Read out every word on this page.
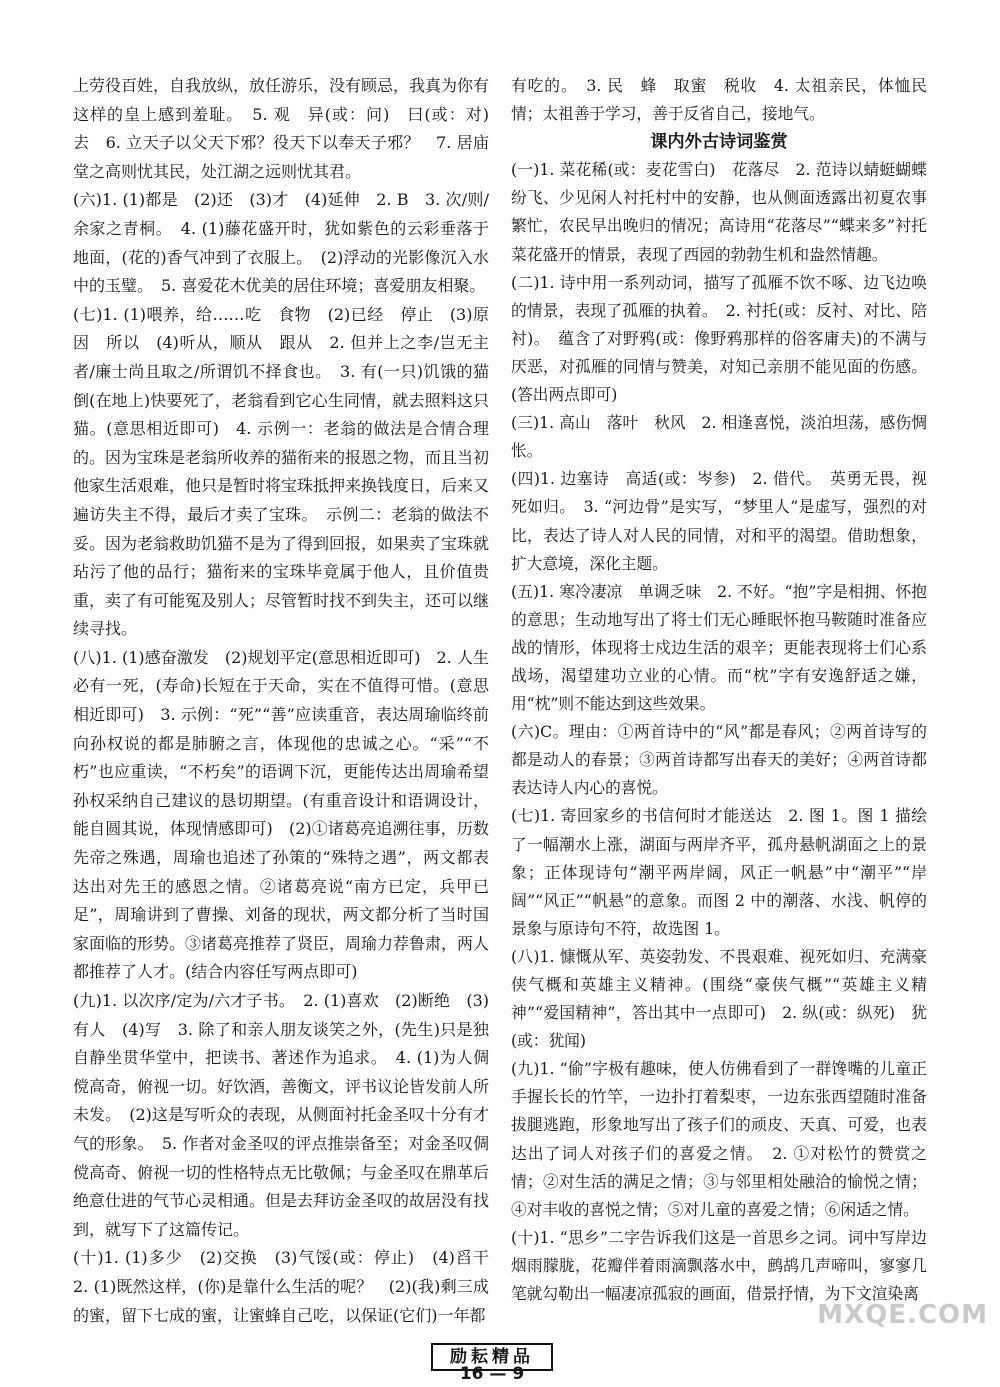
上劳役百姓，自我放纵，放任游乐，没有顾忌，我真为你有这样的皇上感到羞耻。　5. 观　异(或：问)　曰(或：对)　去　6. 立天子以父天下邪？役天下以奉天子邪？　7. 居庙堂之高则忧其民，处江湖之远则忧其君。

(六)1. (1)都是　(2)还　(3)才　(4)延伸　2. B　3. 次/则/余家之青桐。　4. (1)藤花盛开时，犹如紫色的云彩垂落于地面，(花的)香气冲到了衣服上。　(2)浮动的光影像沉入水中的玉璧。　5. 喜爱花木优美的居住环境；喜爱朋友相聚。

(七)1. (1)喂养，给……吃　食物　(2)已经　停止　(3)原因　所以　(4)听从，顺从　跟从　2. 但并上之李/岂无主者/廉士尚且取之/所谓饥不择食也。　3. 有(一只)饥饿的猫倒(在地上)快要死了，老翁看到它心生同情，就去照料这只猫。(意思相近即可)　4. 示例一：老翁的做法是合情合理的。因为宝珠是老翁所收养的猫衔来的报恩之物，而且当初他家生活艰难，他只是暂时将宝珠抵押来换钱度日，后来又遍访失主不得，最后才卖了宝珠。　示例二：老翁的做法不妥。因为老翁救助饥猫不是为了得到回报，如果卖了宝珠就玷污了他的品行；猫衔来的宝珠毕竟属于他人，且价值贵重，卖了有可能冤及别人；尽管暂时找不到失主，还可以继续寻找。

(八)1. (1)感奋激发　(2)规划平定(意思相近即可)　2. 人生必有一死，(寿命)长短在于天命，实在不值得可惜。(意思相近即可)　3. 示例：“死”“善”应读重音，表达周瑜临终前向孙权说的都是肺腑之言，体现他的忠诚之心。“采”“不朽”也应重读，“不朽矣”的语调下沉，更能传达出周瑜希望孙权采纳自己建议的恳切期望。(有重音设计和语调设计，能自圆其说，体现情感即可)　(2)①诸葛亮追溯往事，历数先帝之殊遇，周瑜也追述了孙策的“殊特之遇”，两文都表达出对先王的感恩之情。②诸葛亮说“南方已定，兵甲已足”，周瑜讲到了曹操、刘备的现状，两文都分析了当时国家面临的形势。③诸葛亮推荐了贤臣，周瑜力荐鲁肃，两人都推荐了人才。(结合内容任写两点即可)

(九)1. 以次序/定为/六才子书。　2. (1)喜欢　(2)断绝　(3)有人　(4)写　3. 除了和亲人朋友谈笑之外，(先生)只是独自静坐贯华堂中，把读书、著述作为追求。　4. (1)为人倜傥高奇，俯视一切。好饮酒，善衡文，评书议论皆发前人所未发。　(2)这是写听众的表现，从侧面衬托金圣叹十分有才气的形象。　5. 作者对金圣叹的评点推崇备至；对金圣叹倜傥高奇、俯视一切的性格特点无比敬佩；与金圣叹在鼎革后绝意仕进的气节心灵相通。但是去拜访金圣叹的故居没有找到，就写下了这篇传记。

(十)1. (1)多少　(2)交换　(3)气馁(或：停止)　(4)舀干　2. (1)既然这样，(你)是靠什么生活的呢？　(2)(我)剩三成的蜜，留下七成的蜜，让蜜蜂自己吃，以保证(它们)一年都

有吃的。　3. 民　蜂　取蜜　税收　4. 太祖亲民，体恤民情；太祖善于学习，善于反省自己，接地气。

课内外古诗词鉴赏

(一)1. 菜花稀(或：麦花雪白)　花落尽　2. 范诗以蜻蜓蝴蝶纷飞、少见闲人衬托村中的安静，也从侧面透露出初夏农事繁忙，农民早出晚归的情况；高诗用“花落尽”“蝶来多”衬托菜花盛开的情景，表现了西园的勃勃生机和盎然情趣。

(二)1. 诗中用一系列动词，描写了孤雁不饮不啄、边飞边唤的情景，表现了孤雁的执着。　2. 衬托(或：反衬、对比、陪衬)。　蕴含了对野鸦(或：像野鸦那样的俗客庸夫)的不满与厌恶，对孤雁的同情与赞美，对知己亲朋不能见面的伤感。(答出两点即可)

(三)1. 高山　落叶　秋风　2. 相逢喜悦，淡泊坦荡，感伤惆怅。

(四)1. 边塞诗　高适(或：岑参)　2. 借代。　英勇无畏，视死如归。　3. “河边骨”是实写，“梦里人”是虚写，强烈的对比，表达了诗人对人民的同情，对和平的渴望。借助想象，扩大意境，深化主题。

(五)1. 寒冷凄凉　单调乏味　2. 不好。“抱”字是相拥、怀抱的意思；生动地写出了将士们无心睡眠怀抱马鞍随时准备应战的情形，体现将士戍边生活的艰辛；更能表现将士们心系战场，渴望建功立业的心情。而“枕”字有安逸舒适之嫌，用“枕”则不能达到这些效果。

(六)C。理由：①两首诗中的“风”都是春风；②两首诗写的都是动人的春景；③两首诗都写出春天的美好；④两首诗都表达诗人内心的喜悦。

(七)1. 寄回家乡的书信何时才能送达　2. 图 1。图 1 描绘了一幅潮水上涨，湖面与两岸齐平，孤舟悬帆湖面之上的景象；正体现诗句“潮平两岸阔，风正一帆悬”中“潮平”“岸阔”“风正”“帆悬”的意象。而图 2 中的潮落、水浅、帆停的景象与原诗句不符，故选图 1。

(八)1. 慷慨从军、英姿勃发、不畏艰难、视死如归、充满豪侠气概和英雄主义精神。(围绕“豪侠气概”“英雄主义精神”“爱国精神”，答出其中一点即可)　2. 纵(或：纵死)　犹(或：犹闻)

(九)1. “偷”字极有趣味，使人仿佛看到了一群馋嘴的儿童正手握长长的竹竿，一边扑打着梨枣，一边东张西望随时准备拔腿逃跑，形象地写出了孩子们的顽皮、天真、可爱，也表达出了词人对孩子们的喜爱之情。　2. ①对松竹的赞赏之情；②对生活的满足之情；③与邻里相处融洽的愉悦之情；④对丰收的喜悦之情；⑤对儿童的喜爱之情；⑥闲适之情。

(十)1. “思乡”二字告诉我们这是一首思乡之词。词中写岸边烟雨朦胧，花瓣伴着雨滴飘落水中，鹧鸪几声啼叫，寥寥几笔就勾勒出一幅凄凉孤寂的画面，借景抒情，为下文渲染离

励耘精品
16 — 9
MXQE.COM
